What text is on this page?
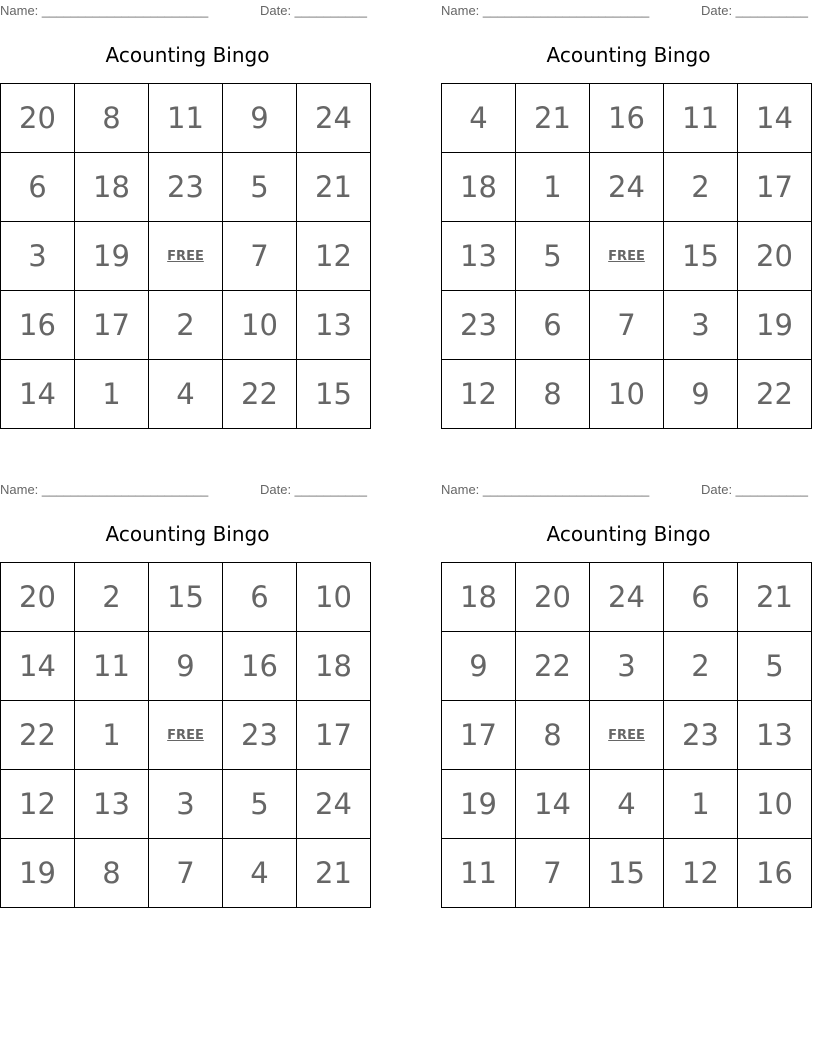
Name: _______________________	Date: __________
Acounting Bingo
20	8	11	9	24
6	18	23	5	21
3	19	FREE	7	12
16	17	2	10	13
14	1	4	22	15
Name: _______________________	Date: __________
Acounting Bingo
4	21	16	11	14
18	1	24	2	17
13	5	FREE	15	20
23	6	7	3	19
12	8	10	9	22
Name: _______________________	Date: __________
Acounting Bingo
20	2	15	6	10
14	11	9	16	18
22	1	FREE	23	17
12	13	3	5	24
19	8	7	4	21
Name: _______________________	Date: __________
Acounting Bingo
18	20	24	6	21
9	22	3	2	5
17	8	FREE	23	13
19	14	4	1	10
11	7	15	12	16
